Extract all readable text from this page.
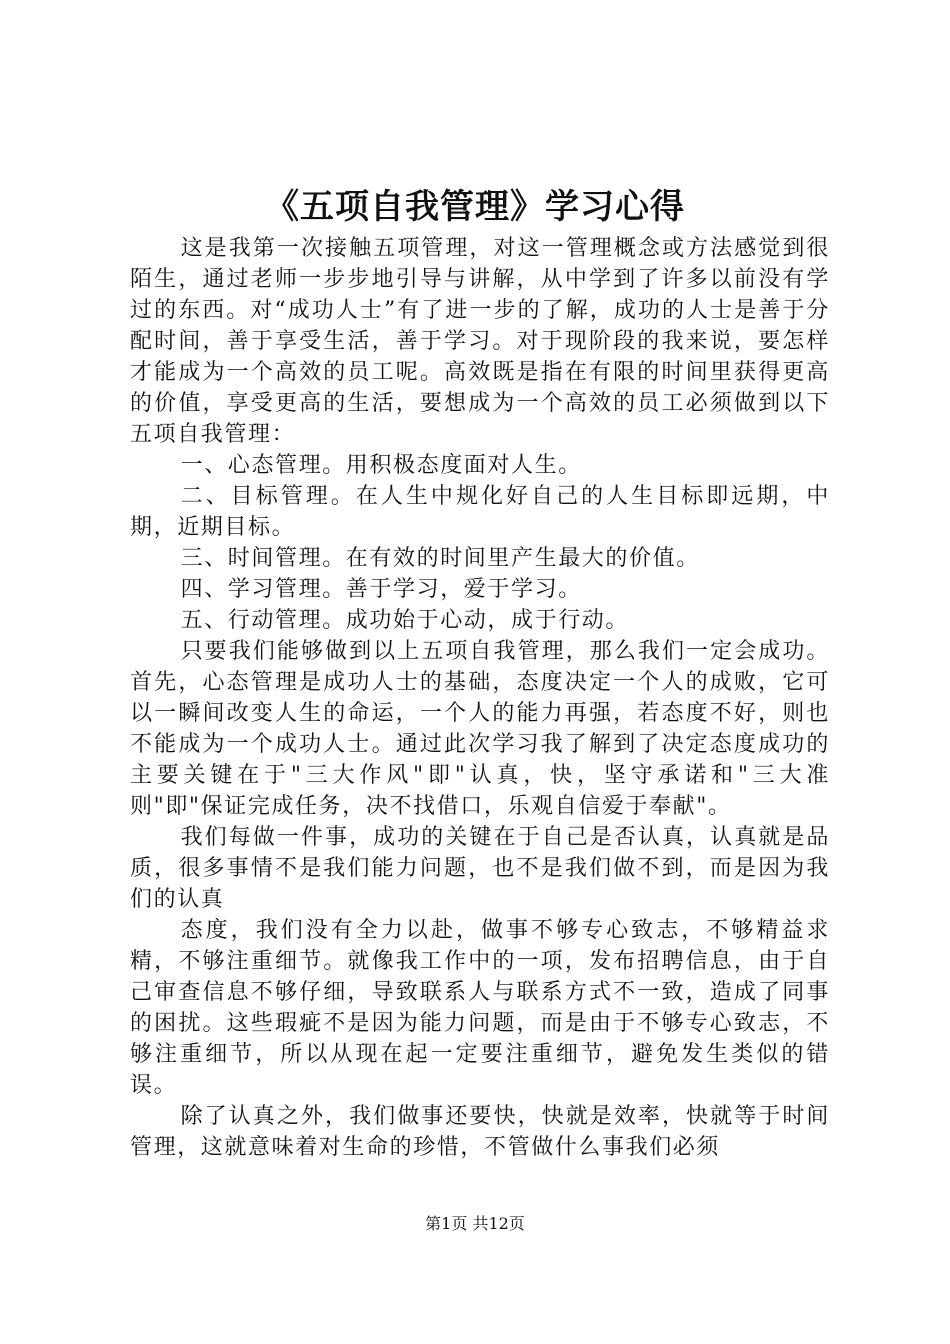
《五项自我管理》学习心得

这是我第一次接触五项管理，对这一管理概念或方法感觉到很陌生，通过老师一步步地引导与讲解，从中学到了许多以前没有学过的东西。对“成功人士”有了进一步的了解，成功的人士是善于分配时间，善于享受生活，善于学习。对于现阶段的我来说，要怎样才能成为一个高效的员工呢。高效既是指在有限的时间里获得更高的价值，享受更高的生活，要想成为一个高效的员工必须做到以下五项自我管理：

一、心态管理。用积极态度面对人生。

二、目标管理。在人生中规化好自己的人生目标即远期，中期，近期目标。

三、时间管理。在有效的时间里产生最大的价值。

四、学习管理。善于学习，爱于学习。

五、行动管理。成功始于心动，成于行动。

只要我们能够做到以上五项自我管理，那么我们一定会成功。首先，心态管理是成功人士的基础，态度决定一个人的成败，它可以一瞬间改变人生的命运，一个人的能力再强，若态度不好，则也不能成为一个成功人士。通过此次学习我了解到了决定态度成功的主要关键在于"三大作风"即"认真，快，坚守承诺和"三大准则"即"保证完成任务，决不找借口，乐观自信爱于奉献"。

我们每做一件事，成功的关键在于自己是否认真，认真就是品质，很多事情不是我们能力问题，也不是我们做不到，而是因为我们的认真

态度，我们没有全力以赴，做事不够专心致志，不够精益求精，不够注重细节。就像我工作中的一项，发布招聘信息，由于自己审查信息不够仔细，导致联系人与联系方式不一致，造成了同事的困扰。这些瑕疵不是因为能力问题，而是由于不够专心致志，不够注重细节，所以从现在起一定要注重细节，避免发生类似的错误。

除了认真之外，我们做事还要快，快就是效率，快就等于时间管理，这就意味着对生命的珍惜，不管做什么事我们必须

第1页 共12页
